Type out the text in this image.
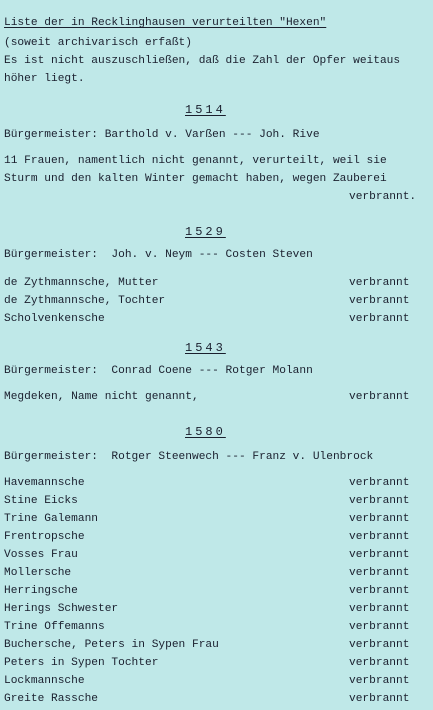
Liste der in Recklinghausen verurteilten "Hexen"
(soweit archivarisch erfaßt)
Es ist nicht auszuschließen, daß die Zahl der Opfer weitaus
höher liegt.
1514
Bürgermeister: Barthold v. Varßen --- Joh. Rive
11 Frauen, namentlich nicht genannt, verurteilt, weil sie
Sturm und den kalten Winter gemacht haben, wegen Zauberei
verbrannt.
1529
Bürgermeister:  Joh. v. Neym --- Costen Steven
de Zythmannsche, Mutter	verbrannt
de Zythmannsche, Tochter	verbrannt
Scholvenkensche	verbrannt
1543
Bürgermeister:  Conrad Coene --- Rotger Molann
Megdeken, Name nicht genannt,	verbrannt
1580
Bürgermeister:  Rotger Steenwech --- Franz v. Ulenbrock
Havemannsche	verbrannt
Stine Eicks	verbrannt
Trine Galemann	verbrannt
Frentropsche	verbrannt
Vosses Frau	verbrannt
Mollersche	verbrannt
Herringsche	verbrannt
Herings Schwester	verbrannt
Trine Offemanns	verbrannt
Bucherschе, Peters in Sypen Frau	verbrannt
Peters in Sypen Tochter	verbrannt
Lockmannsche	verbrannt
Greite Rassche	verbrannt
